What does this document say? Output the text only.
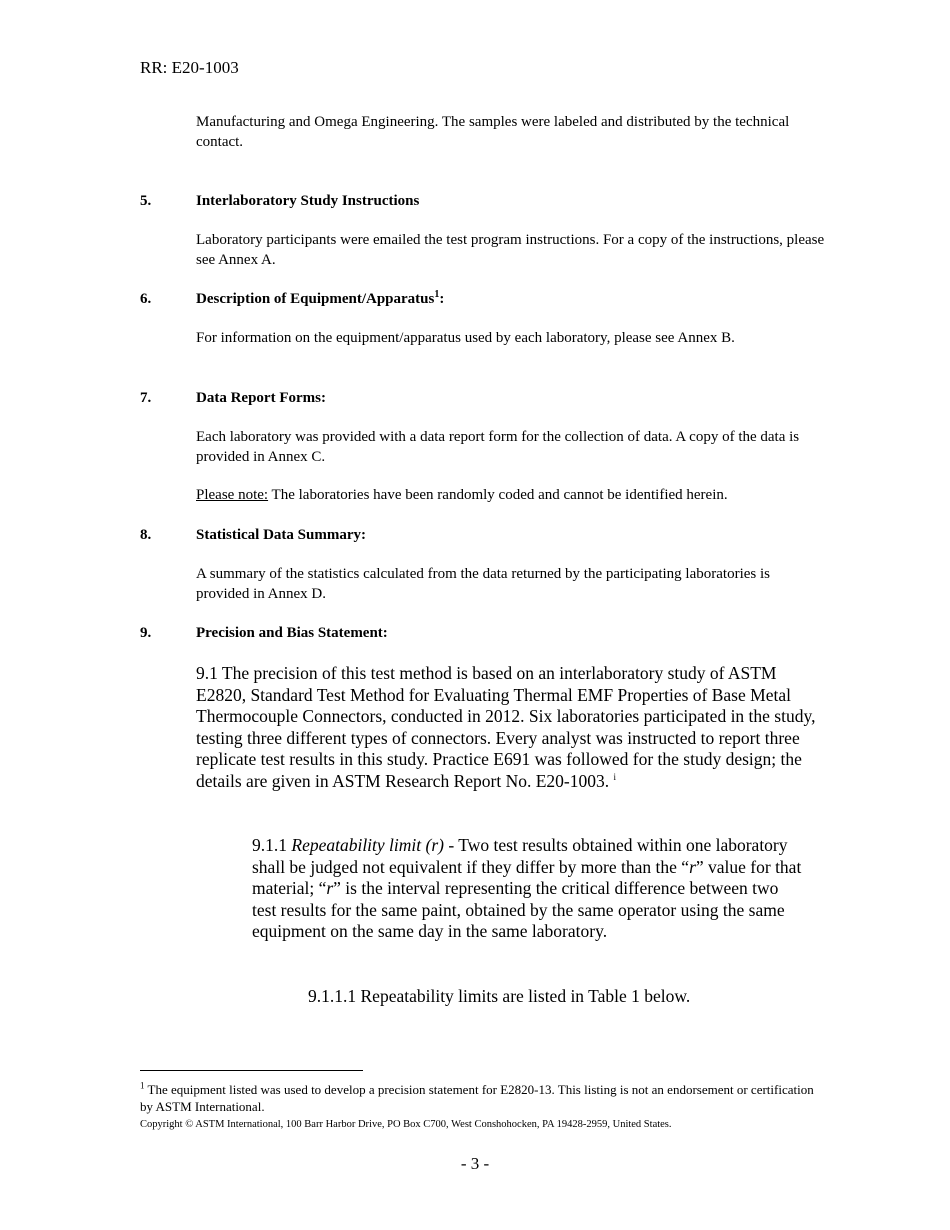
RR: E20-1003
Manufacturing and Omega Engineering. The samples were labeled and distributed by the technical contact.
5.	Interlaboratory Study Instructions
Laboratory participants were emailed the test program instructions. For a copy of the instructions, please see Annex A.
6.	Description of Equipment/Apparatus$^1$:
For information on the equipment/apparatus used by each laboratory, please see Annex B.
7.	Data Report Forms:
Each laboratory was provided with a data report form for the collection of data. A copy of the data is provided in Annex C.
Please note: The laboratories have been randomly coded and cannot be identified herein.
8.	Statistical Data Summary:
A summary of the statistics calculated from the data returned by the participating laboratories is provided in Annex D.
9.	Precision and Bias Statement:
9.1 The precision of this test method is based on an interlaboratory study of ASTM E2820, Standard Test Method for Evaluating Thermal EMF Properties of Base Metal Thermocouple Connectors, conducted in 2012. Six laboratories participated in the study, testing three different types of connectors. Every analyst was instructed to report three replicate test results in this study. Practice E691 was followed for the study design; the details are given in ASTM Research Report No. E20-1003. $^i$
9.1.1 Repeatability limit (r) - Two test results obtained within one laboratory shall be judged not equivalent if they differ by more than the “r” value for that material; “r” is the interval representing the critical difference between two test results for the same paint, obtained by the same operator using the same equipment on the same day in the same laboratory.
9.1.1.1 Repeatability limits are listed in Table 1 below.
$^1$ The equipment listed was used to develop a precision statement for E2820-13. This listing is not an endorsement or certification by ASTM International.
Copyright © ASTM International, 100 Barr Harbor Drive, PO Box C700, West Conshohocken, PA 19428-2959, United States.
- 3 -
